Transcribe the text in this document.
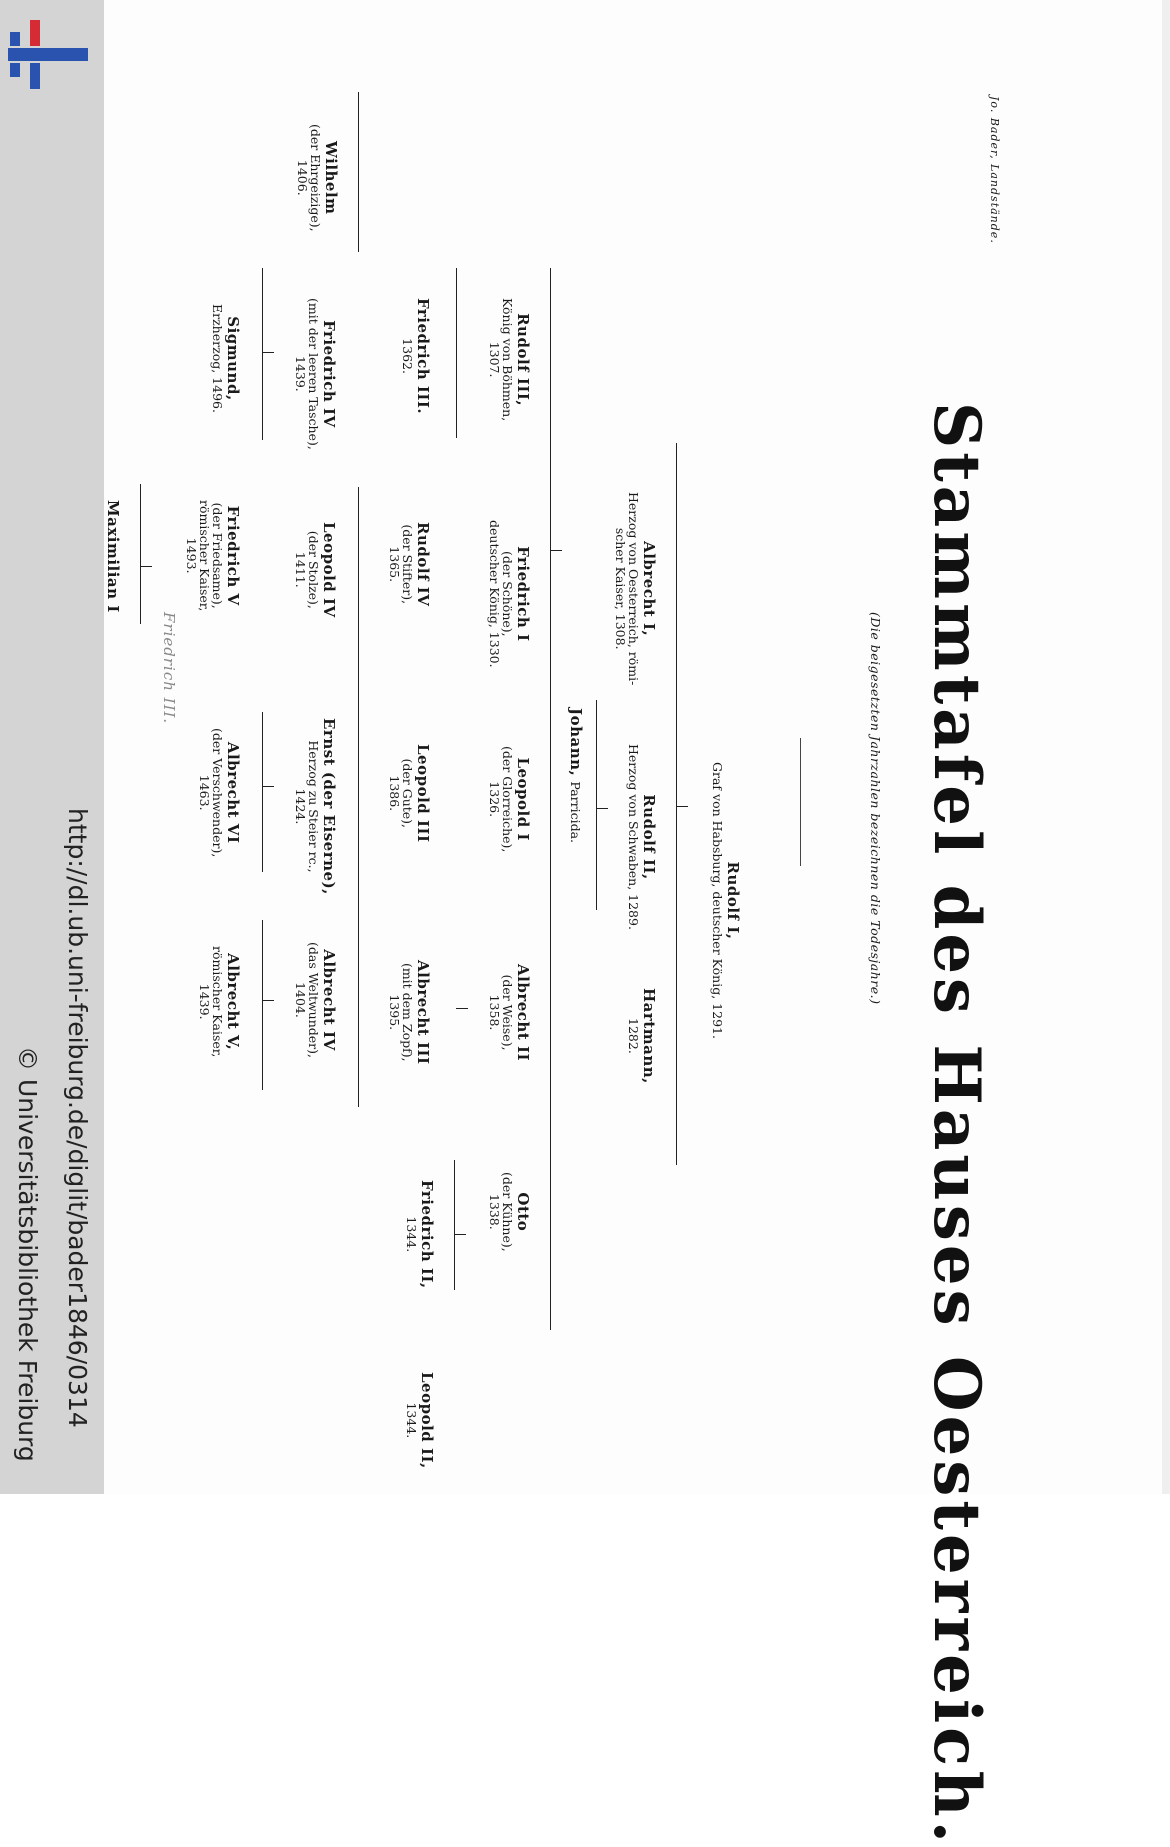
http://dl.ub.uni-freiburg.de/diglit/bader1846/0314
© Universitätsbibliothek Freiburg
Jo. Bader, Landstände.
Stammtafel des Hauses Oesterreich.
(Die beigesetzten Jahrzahlen bezeichnen die Todesjahre.)
Rudolf I,
Graf von Habsburg, deutscher König, 1291.
Albrecht I,
Herzog von Oesterreich, römi-
scher Kaiser, 1308.
Rudolf II,
Herzog von Schwaben, 1289.
Hartmann,
1282.
Johann, Parricida.
Rudolf III,
König von Böhmen,
1307.
Friedrich I
(der Schöne),
deutscher König, 1330.
Leopold I
(der Glorreiche),
1326.
Albrecht II
(der Weise),
1358.
Otto
(der Kühne),
1338.
Friedrich II,
1344.
Leopold II,
1344.
Friedrich III.
1362.
Rudolf IV
(der Stifter),
1365.
Leopold III
(der Gute),
1386.
Albrecht III
(mit dem Zopf),
1395.
Wilhelm
(der Ehrgeizige),
1406.
Friedrich IV
(mit der leeren Tasche),
1439.
Leopold IV
(der Stolze),
1411.
Ernst (der Eiserne),
Herzog zu Steier rc.,
1424.
Albrecht IV
(das Weltwunder),
1404.
Sigmund,
Erzherzog, 1496.
Friedrich V
(der Friedsame),
römischer Kaiser,
1493.
Albrecht VI
(der Verschwender),
1463.
Albrecht V,
römischer Kaiser,
1439.
Maximilian I
Friedrich III.
